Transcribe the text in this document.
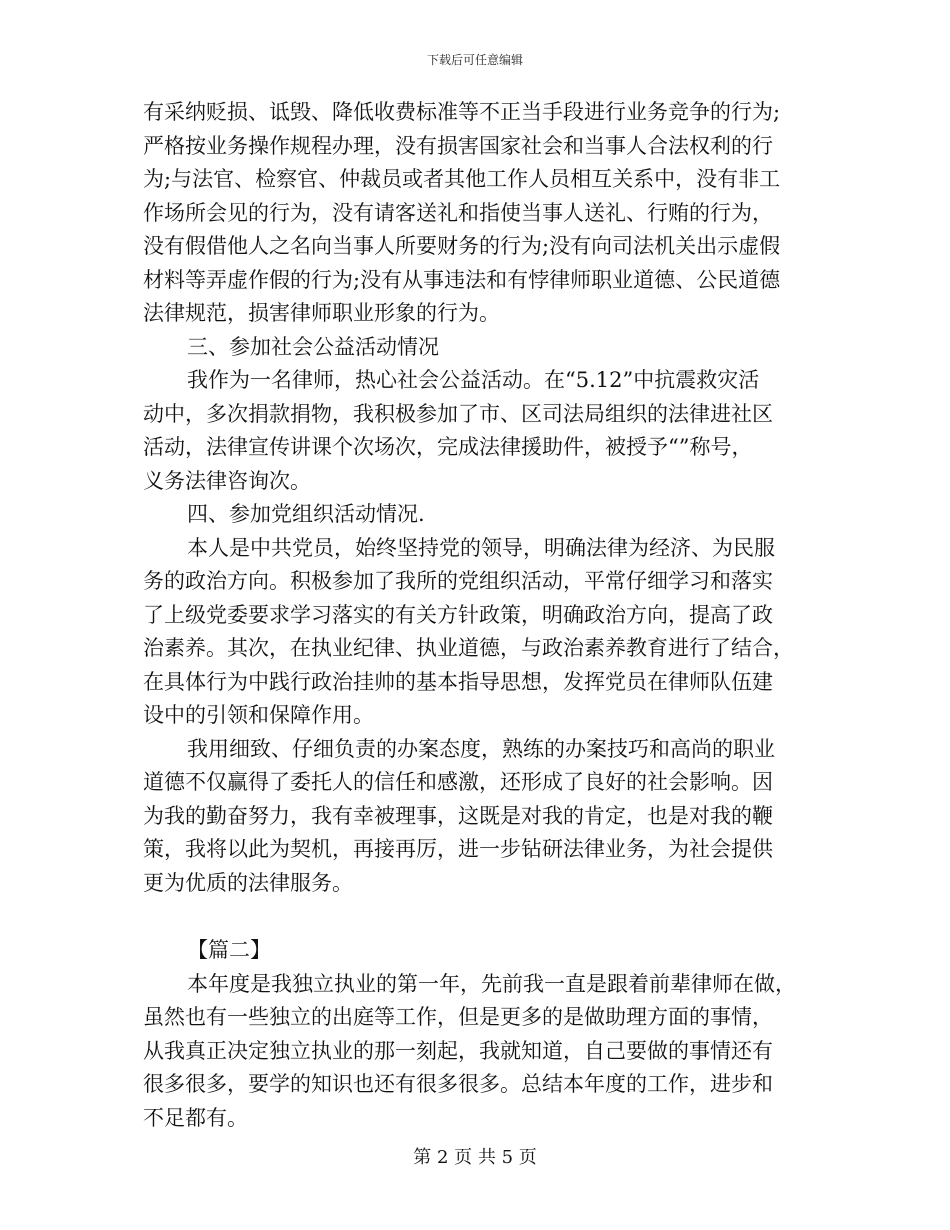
下载后可任意编辑
有采纳贬损、诋毁、降低收费标准等不正当手段进行业务竞争的行为;
严格按业务操作规程办理，没有损害国家社会和当事人合法权利的行
为;与法官、检察官、仲裁员或者其他工作人员相互关系中，没有非工
作场所会见的行为，没有请客送礼和指使当事人送礼、行贿的行为，
没有假借他人之名向当事人所要财务的行为;没有向司法机关出示虚假
材料等弄虚作假的行为;没有从事违法和有悖律师职业道德、公民道德
法律规范，损害律师职业形象的行为。
三、参加社会公益活动情况
我作为一名律师，热心社会公益活动。在“5.12”中抗震救灾活
动中，多次捐款捐物，我积极参加了市、区司法局组织的法律进社区
活动，法律宣传讲课个次场次，完成法律援助件，被授予“”称号，
义务法律咨询次。
四、参加党组织活动情况.
本人是中共党员，始终坚持党的领导，明确法律为经济、为民服
务的政治方向。积极参加了我所的党组织活动，平常仔细学习和落实
了上级党委要求学习落实的有关方针政策，明确政治方向，提高了政
治素养。其次，在执业纪律、执业道德，与政治素养教育进行了结合，
在具体行为中践行政治挂帅的基本指导思想，发挥党员在律师队伍建
设中的引领和保障作用。
我用细致、仔细负责的办案态度，熟练的办案技巧和高尚的职业
道德不仅赢得了委托人的信任和感激，还形成了良好的社会影响。因
为我的勤奋努力，我有幸被理事，这既是对我的肯定，也是对我的鞭
策，我将以此为契机，再接再厉，进一步钻研法律业务，为社会提供
更为优质的法律服务。
【篇二】
本年度是我独立执业的第一年，先前我一直是跟着前辈律师在做，
虽然也有一些独立的出庭等工作，但是更多的是做助理方面的事情，
从我真正决定独立执业的那一刻起，我就知道，自己要做的事情还有
很多很多，要学的知识也还有很多很多。总结本年度的工作，进步和
不足都有。
第 2 页 共 5 页
